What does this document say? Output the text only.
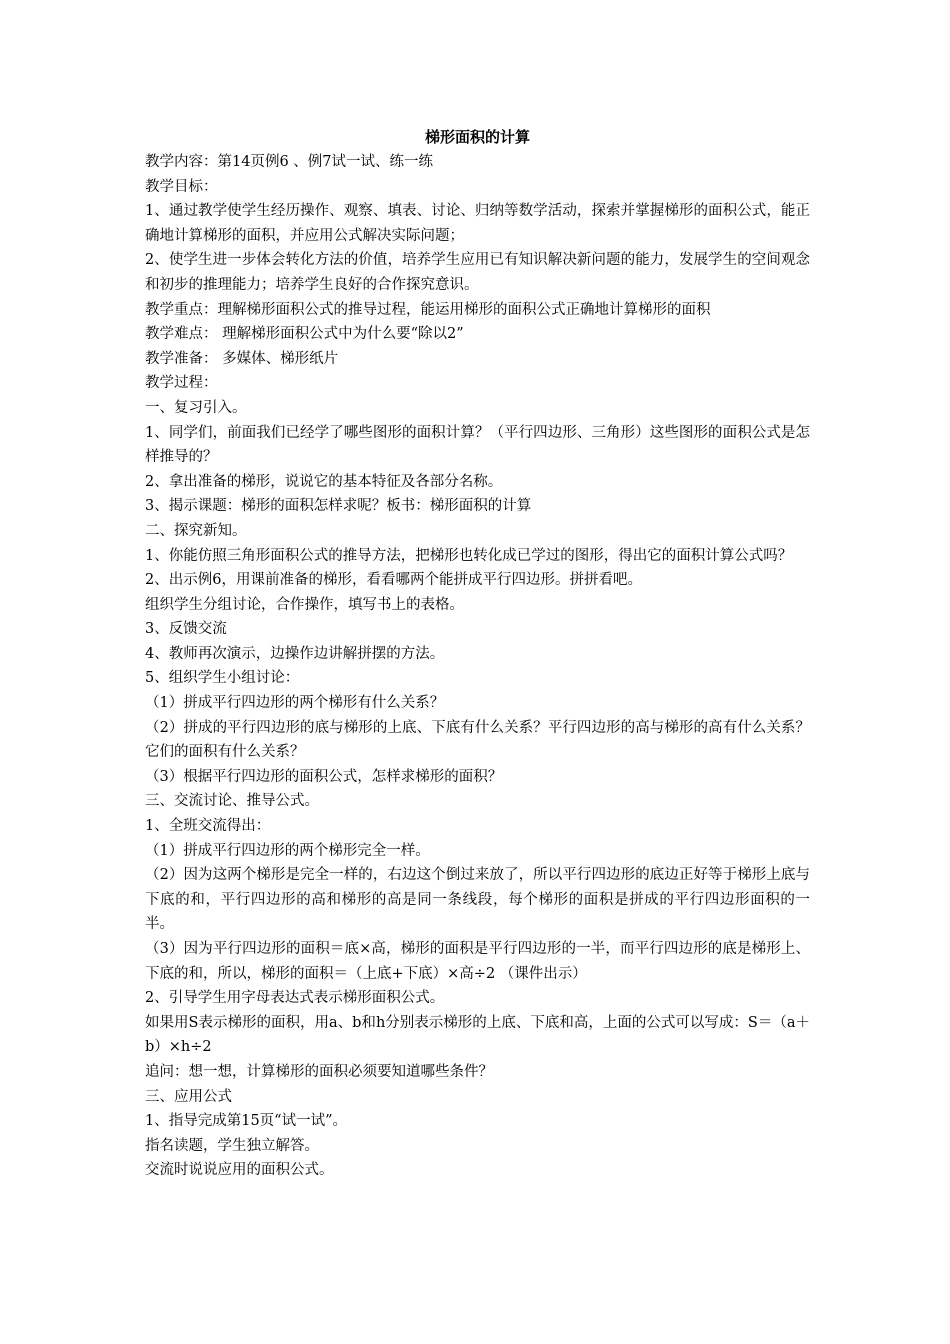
梯形面积的计算

教学内容：第14页例6 、例7试一试、练一练

教学目标：

1、通过教学使学生经历操作、观察、填表、讨论、归纳等数学活动，探索并掌握梯形的面积公式，能正确地计算梯形的面积，并应用公式解决实际问题；

2、使学生进一步体会转化方法的价值，培养学生应用已有知识解决新问题的能力，发展学生的空间观念和初步的推理能力；培养学生良好的合作探究意识。

教学重点：理解梯形面积公式的推导过程，能运用梯形的面积公式正确地计算梯形的面积

教学难点： 理解梯形面积公式中为什么要“除以2”

教学准备： 多媒体、梯形纸片

教学过程：

一、复习引入。

1、同学们，前面我们已经学了哪些图形的面积计算？（平行四边形、三角形）这些图形的面积公式是怎样推导的？

2、拿出准备的梯形，说说它的基本特征及各部分名称。

3、揭示课题：梯形的面积怎样求呢？板书：梯形面积的计算

二、探究新知。

1、你能仿照三角形面积公式的推导方法，把梯形也转化成已学过的图形，得出它的面积计算公式吗？

2、出示例6，用课前准备的梯形，看看哪两个能拼成平行四边形。拼拼看吧。

组织学生分组讨论，合作操作，填写书上的表格。

3、反馈交流

4、教师再次演示，边操作边讲解拼摆的方法。

5、组织学生小组讨论：

（1）拼成平行四边形的两个梯形有什么关系？

（2）拼成的平行四边形的底与梯形的上底、下底有什么关系？平行四边形的高与梯形的高有什么关系？它们的面积有什么关系？

（3）根据平行四边形的面积公式，怎样求梯形的面积？

三、交流讨论、推导公式。

1、全班交流得出：

（1）拼成平行四边形的两个梯形完全一样。

（2）因为这两个梯形是完全一样的，右边这个倒过来放了，所以平行四边形的底边正好等于梯形上底与下底的和，平行四边形的高和梯形的高是同一条线段，每个梯形的面积是拼成的平行四边形面积的一半。

（3）因为平行四边形的面积＝底×高，梯形的面积是平行四边形的一半，而平行四边形的底是梯形上、下底的和，所以，梯形的面积＝（上底+下底）×高÷2 （课件出示）

2、引导学生用字母表达式表示梯形面积公式。

如果用S表示梯形的面积，用a、b和h分别表示梯形的上底、下底和高，上面的公式可以写成：S＝（a＋b）×h÷2

追问：想一想，计算梯形的面积必须要知道哪些条件？

三、应用公式

1、指导完成第15页“试一试”。

指名读题，学生独立解答。

交流时说说应用的面积公式。
